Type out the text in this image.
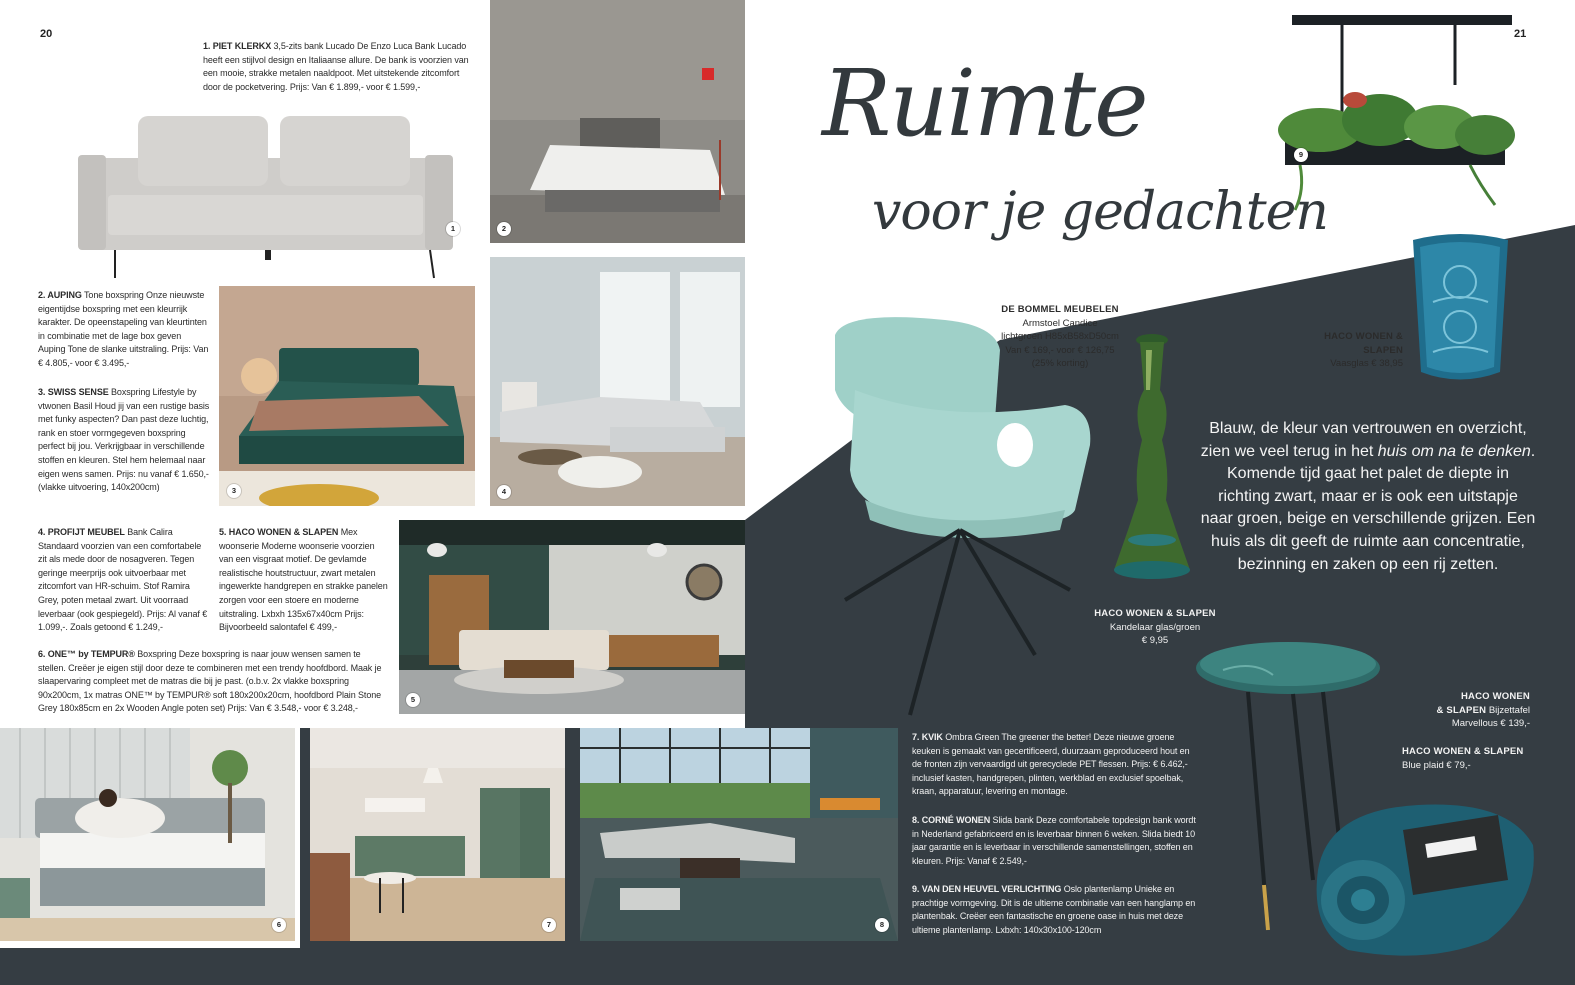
20	21
1. PIET KLERKX 3,5-zits bank Lucado De Enzo Luca Bank Lucado heeft een stijlvol design en Italiaanse allure. De bank is voorzien van een mooie, strakke metalen naaldpoot. Met uitstekende zitcomfort door de pocketvering. Prijs: Van € 1.899,- voor € 1.599,-
1	2
2. AUPING Tone boxspring Onze nieuwste eigentijdse boxspring met een kleurrijk karakter. De opeenstapeling van kleurtinten in combinatie met de lage box geven Auping Tone de slanke uitstraling. Prijs: Van € 4.805,- voor € 3.495,-
3. SWISS SENSE Boxspring Lifestyle by vtwonen Basil Houd jij van een rustige basis met funky aspecten? Dan past deze luchtig, rank en stoer vormgegeven boxspring perfect bij jou. Verkrijgbaar in verschillende stoffen en kleuren. Stel hem helemaal naar eigen wens samen. Prijs: nu vanaf € 1.650,- (vlakke uitvoering, 140x200cm)	3	4
4. PROFIJT MEUBEL Bank Calira Standaard voorzien van een comfortabele zit als mede door de nosagveren. Tegen geringe meerprijs ook uitvoerbaar met zitcomfort van HR-schuim. Stof Ramira Grey, poten metaal zwart. Uit voorraad leverbaar (ook gespiegeld). Prijs: Al vanaf € 1.099,-. Zoals getoond € 1.249,-
5. HACO WONEN & SLAPEN Mex woonserie Moderne woonserie voorzien van een visgraat motief. De gevlamde realistische houtstructuur, zwart metalen ingewerkte handgrepen en strakke panelen zorgen voor een stoere en moderne uitstraling. Lxbxh 135x67x40cm Prijs: Bijvoorbeeld salontafel € 499,-
5
6. ONE™ by TEMPUR® Boxspring Deze boxspring is naar jouw wensen samen te stellen. Creëer je eigen stijl door deze te combineren met een trendy hoofdbord. Maak je slaapervaring compleet met de matras die bij je past. (o.b.v. 2x vlakke boxspring 90x200cm, 1x matras ONE™ by TEMPUR® soft 180x200x20cm, hoofdbord Plain Stone Grey 180x85cm en 2x Wooden Angle poten set) Prijs: Van € 3.548,- voor € 3.248,-
6	7	8
Ruimte
voor je gedachten
9
DE BOMMEL MEUBELEN
Armstoel Candice
lichtgroen H85xB58xD50cm
Van € 169,- voor € 126,75
(25% korting)
HACO WONEN & SLAPEN
Kandelaar glas/groen
€ 9,95
HACO WONEN &
SLAPEN
Vaasglas € 38,95
Blauw, de kleur van vertrouwen en overzicht, zien we veel terug in het huis om na te denken. Komende tijd gaat het palet de diepte in richting zwart, maar er is ook een uitstapje naar groen, beige en verschillende grijzen. Een huis als dit geeft de ruimte aan concentratie, bezinning en zaken op een rij zetten.
HACO WONEN
& SLAPEN Bijzettafel
Marvellous € 139,-
HACO WONEN & SLAPEN
Blue plaid € 79,-
7. KVIK Ombra Green The greener the better! Deze nieuwe groene keuken is gemaakt van gecertificeerd, duurzaam geproduceerd hout en de fronten zijn vervaardigd uit gerecyclede PET flessen. Prijs: € 6.462,- inclusief kasten, handgrepen, plinten, werkblad en exclusief spoelbak, kraan, apparatuur, levering en montage.
8. CORNÉ WONEN Slida bank Deze comfortabele topdesign bank wordt in Nederland gefabriceerd en is leverbaar binnen 6 weken. Slida biedt 10 jaar garantie en is leverbaar in verschillende samenstellingen, stoffen en kleuren. Prijs: Vanaf € 2.549,-
9. VAN DEN HEUVEL VERLICHTING Oslo plantenlamp Unieke en prachtige vormgeving. Dit is de ultieme combinatie van een hanglamp en plantenbak. Creëer een fantastische en groene oase in huis met deze ultieme plantenlamp. Lxbxh: 140x30x100-120cm
